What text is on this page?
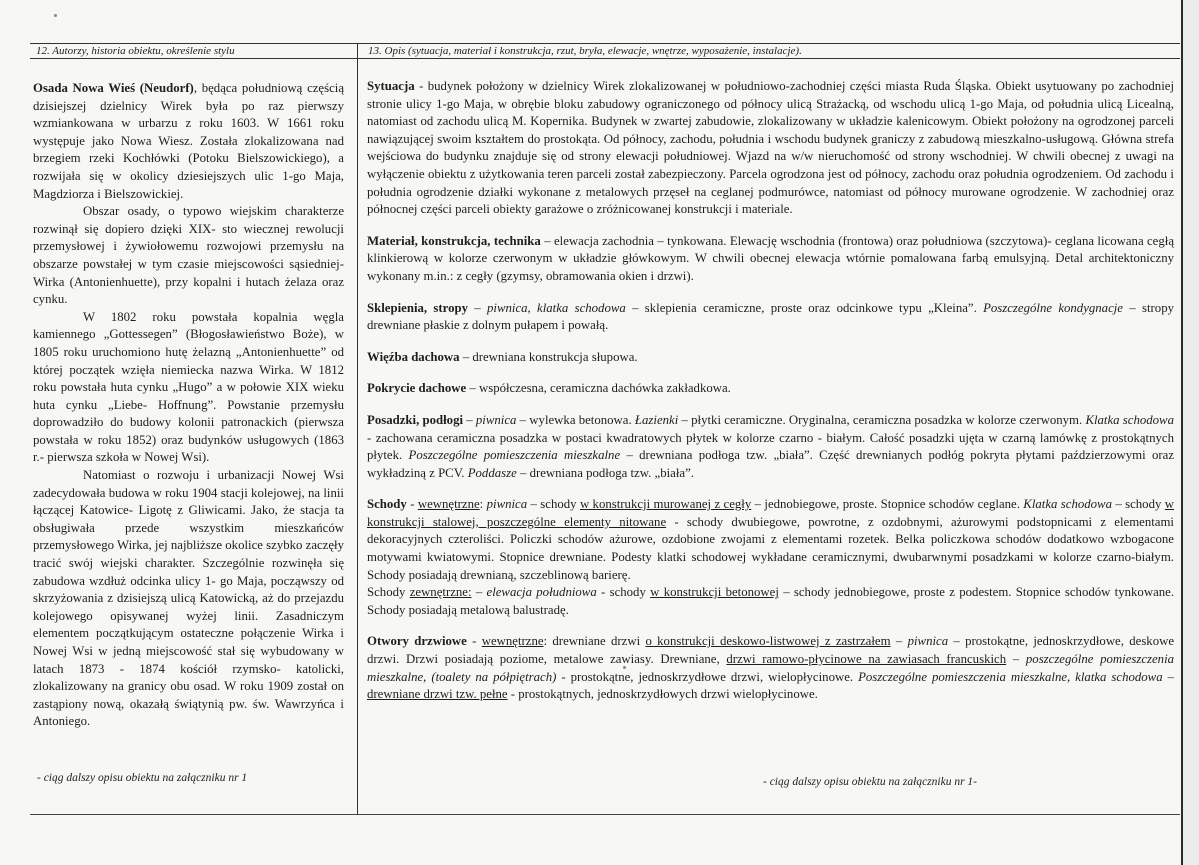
12. Autorzy, historia obiektu, określenie stylu	13. Opis (sytuacja, materiał i konstrukcja, rzut, bryła, elewacje, wnętrze, wyposażenie, instalacje).

Osada Nowa Wieś (Neudorf), będąca południową częścią dzisiejszej dzielnicy Wirek była po raz pierwszy wzmiankowana w urbarzu z roku 1603. W 1661 roku występuje jako Nowa Wiesz. Została zlokalizowana nad brzegiem rzeki Kochłówki (Potoku Bielszowickiego), a rozwijała się w okolicy dziesiejszych ulic 1-go Maja, Magdziorza i Bielszowickiej.

Obszar osady, o typowo wiejskim charakterze rozwinął się dopiero dzięki XIX- sto wiecznej rewolucji przemysłowej i żywiołowemu rozwojowi przemysłu na obszarze powstałej w tym czasie miejscowości sąsiedniej- Wirka (Antonienhuette), przy kopalni i hutach żelaza oraz cynku.

W 1802 roku powstała kopalnia węgla kamiennego „Gottessegen” (Błogosławieństwo Boże), w 1805 roku uruchomiono hutę żelazną „Antonienhuette” od której początek wzięła niemiecka nazwa Wirka. W 1812 roku powstała huta cynku „Hugo” a w połowie XIX wieku huta cynku „Liebe- Hoffnung”. Powstanie przemysłu doprowadziło do budowy kolonii patronackich (pierwsza powstała w roku 1852) oraz budynków usługowych (1863 r.- pierwsza szkoła w Nowej Wsi).

Natomiast o rozwoju i urbanizacji Nowej Wsi zadecydowała budowa w roku 1904 stacji kolejowej, na linii łączącej Katowice- Ligotę z Gliwicami. Jako, że stacja ta obsługiwała przede wszystkim mieszkańców przemysłowego Wirka, jej najbliższe okolice szybko zaczęły tracić swój wiejski charakter. Szczególnie rozwinęła się zabudowa wzdłuż odcinka ulicy 1- go Maja, począwszy od skrzyżowania z dzisiejszą ulicą Katowicką, aż do przejazdu kolejowego opisywanej wyżej linii. Zasadniczym elementem początkującym ostateczne połączenie Wirka i Nowej Wsi w jedną miejscowość stał się wybudowany w latach 1873 - 1874 kościół rzymsko- katolicki, zlokalizowany na granicy obu osad. W roku 1909 został on zastąpiony nową, okazałą świątynią pw. św. Wawrzyńca i Antoniego.

- ciąg dalszy opisu obiektu na załączniku nr 1

Sytuacja - budynek położony w dzielnicy Wirek zlokalizowanej w południowo-zachodniej części miasta Ruda Śląska. Obiekt usytuowany po zachodniej stronie ulicy 1-go Maja, w obrębie bloku zabudowy ograniczonego od północy ulicą Strażacką, od wschodu ulicą 1-go Maja, od południa ulicą Licealną, natomiast od zachodu ulicą M. Kopernika. Budynek w zwartej zabudowie, zlokalizowany w układzie kalenicowym. Obiekt położony na ogrodzonej parceli nawiązującej swoim kształtem do prostokąta. Od północy, zachodu, południa i wschodu budynek graniczy z zabudową mieszkalno-usługową. Główna strefa wejściowa do budynku znajduje się od strony elewacji południowej. Wjazd na w/w nieruchomość od strony wschodniej. W chwili obecnej z uwagi na wyłączenie obiektu z użytkowania teren parceli został zabezpieczony. Parcela ogrodzona jest od północy, zachodu oraz południa ogrodzeniem. Od zachodu i południa ogrodzenie działki wykonane z metalowych przęseł na ceglanej podmurówce, natomiast od północy murowane ogrodzenie. W zachodniej oraz północnej części parceli obiekty garażowe o zróżnicowanej konstrukcji i materiale.

Materiał, konstrukcja, technika – elewacja zachodnia – tynkowana. Elewację wschodnia (frontowa) oraz południowa (szczytowa)- ceglana licowana cegłą klinkierową w kolorze czerwonym w układzie główkowym. W chwili obecnej elewacja wtórnie pomalowana farbą emulsyjną. Detal architektoniczny wykonany m.in.: z cegły (gzymsy, obramowania okien i drzwi).

Sklepienia, stropy – piwnica, klatka schodowa – sklepienia ceramiczne, proste oraz odcinkowe typu „Kleina”. Poszczególne kondygnacje – stropy drewniane płaskie z dolnym pułapem i powałą.

Więźba dachowa – drewniana konstrukcja słupowa.

Pokrycie dachowe – współczesna, ceramiczna dachówka zakładkowa.

Posadzki, podłogi – piwnica – wylewka betonowa. Łazienki – płytki ceramiczne. Oryginalna, ceramiczna posadzka w kolorze czerwonym. Klatka schodowa - zachowana ceramiczna posadzka w postaci kwadratowych płytek w kolorze czarno - białym. Całość posadzki ujęta w czarną lamówkę z prostokątnych płytek. Poszczególne pomieszczenia mieszkalne – drewniana podłoga tzw. „biała”. Część drewnianych podłóg pokryta płytami paździerzowymi oraz wykładziną z PCV. Poddasze – drewniana podłoga tzw. „biała”.

Schody - wewnętrzne: piwnica – schody w konstrukcji murowanej z cegły – jednobiegowe, proste. Stopnice schodów ceglane. Klatka schodowa – schody w konstrukcji stalowej, poszczególne elementy nitowane - schody dwubiegowe, powrotne, z ozdobnymi, ażurowymi podstopnicami z elementami dekoracyjnych czteroliści. Policzki schodów ażurowe, ozdobione zwojami z elementami rozetek. Belka policzkowa schodów dodatkowo wzbogacone motywami kwiatowymi. Stopnice drewniane. Podesty klatki schodowej wykładane ceramicznymi, dwubarwnymi posadzkami w kolorze czarno-białym. Schody posiadają drewnianą, szczeblinową barierę.

Schody zewnętrzne: – elewacja południowa - schody w konstrukcji betonowej – schody jednobiegowe, proste z podestem. Stopnice schodów tynkowane. Schody posiadają metalową balustradę.

Otwory drzwiowe - wewnętrzne: drewniane drzwi o konstrukcji deskowo-listwowej z zastrzałem – piwnica – prostokątne, jednoskrzydłowe, deskowe drzwi. Drzwi posiadają poziome, metalowe zawiasy. Drewniane, drzwi ramowo-płycinowe na zawiasach francuskich – poszczególne pomieszczenia mieszkalne, (toalety na półpiętrach) - prostokątne, jednoskrzydłowe drzwi, wielopłycinowe. Poszczególne pomieszczenia mieszkalne, klatka schodowa – drewniane drzwi tzw. pełne - prostokątnych, jednoskrzydłowych drzwi wielopłycinowe.

- ciąg dalszy opisu obiektu na załączniku nr 1-
